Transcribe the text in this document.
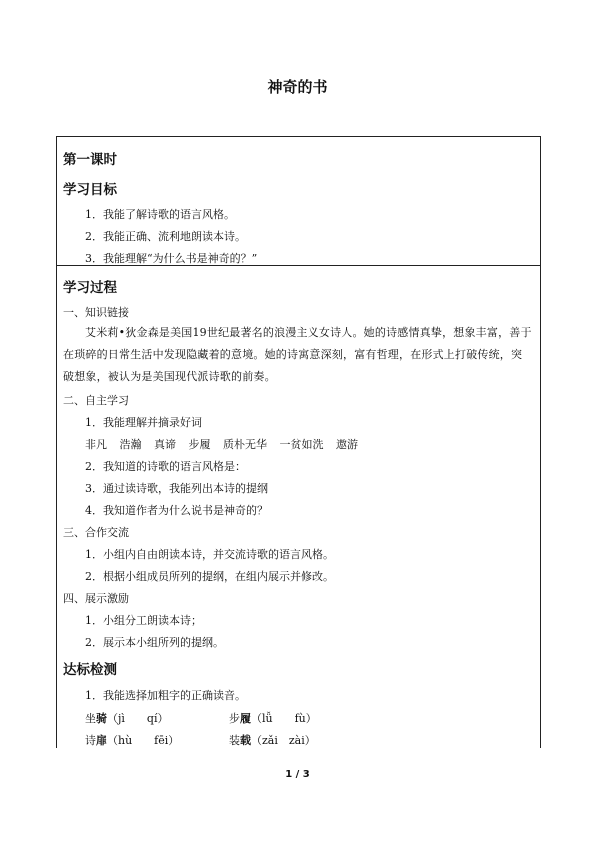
神奇的书
第一课时
学习目标
1．我能了解诗歌的语言风格。
2．我能正确、流利地朗读本诗。
3．我能理解“为什么书是神奇的？”
学习过程
一、知识链接
艾米莉•狄金森是美国19世纪最著名的浪漫主义女诗人。她的诗感情真挚，想象丰富，善于在琐碎的日常生活中发现隐藏着的意境。她的诗寓意深刻，富有哲理，在形式上打破传统，突破想象，被认为是美国现代派诗歌的前奏。
二、自主学习
1．我能理解并摘录好词
非凡 浩瀚 真谛 步履 质朴无华 一贫如洗 遨游
2．我知道的诗歌的语言风格是：
3．通过读诗歌，我能列出本诗的提纲
4．我知道作者为什么说书是神奇的？
三、合作交流
1．小组内自由朗读本诗，并交流诗歌的语言风格。
2．根据小组成员所列的提纲，在组内展示并修改。
四、展示激励
1．小组分工朗读本诗；
2．展示本小组所列的提纲。
达标检测
1．我能选择加粗字的正确读音。
坐骑（jì　　qí）	步履（lǚ　　fù）
诗扉（hù　　fēi）	装载（zǎi　zài）
1 / 3
